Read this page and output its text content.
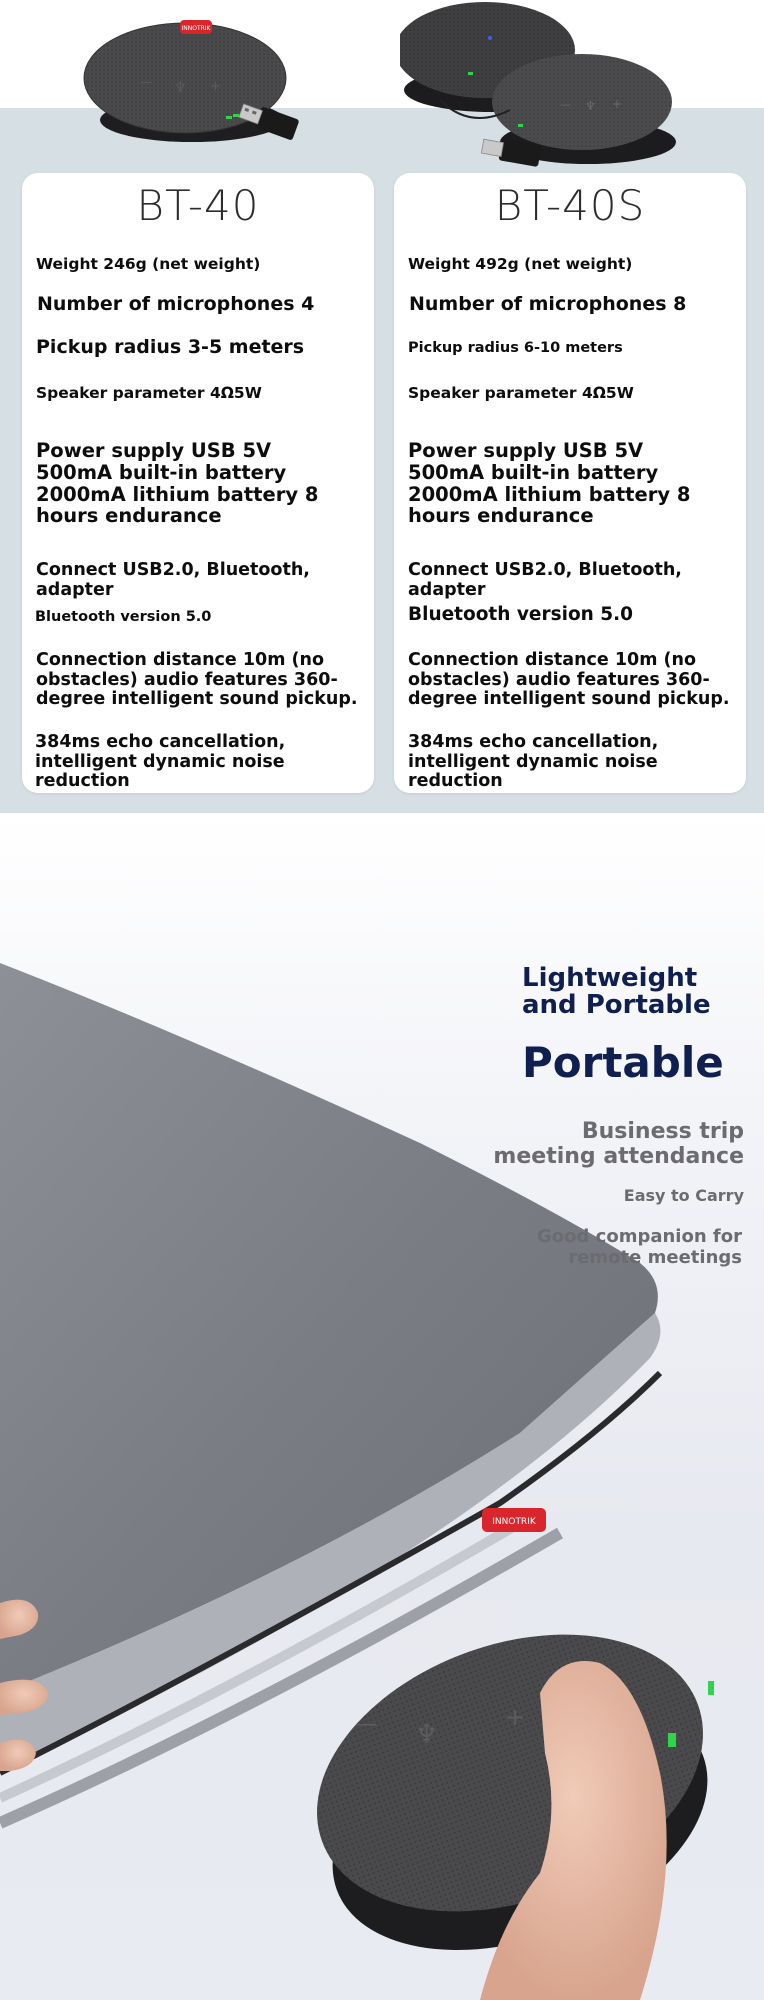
INNOTRIK
— ♆ +
— ♆ +
BT-40
Weight 246g (net weight)
Number of microphones 4
Pickup radius 3-5 meters
Speaker parameter 4Ω5W
Power supply USB 5V 500mA built-in battery 2000mA lithium battery 8 hours endurance
Connect USB2.0, Bluetooth, adapter
Bluetooth version 5.0
Connection distance 10m (no obstacles) audio features 360-degree intelligent sound pickup.
384ms echo cancellation, intelligent dynamic noise reduction
BT-40S
Weight 492g (net weight)
Number of microphones 8
Pickup radius 6-10 meters
Speaker parameter 4Ω5W
Power supply USB 5V 500mA built-in battery 2000mA lithium battery 8 hours endurance
Connect USB2.0, Bluetooth, adapter
Bluetooth version 5.0
Connection distance 10m (no obstacles) audio features 360-degree intelligent sound pickup.
384ms echo cancellation, intelligent dynamic noise reduction
INNOTRIK
— ♆
+
Lightweight and Portable
Portable
Business trip meeting attendance
Easy to Carry
Good companion for remote meetings
